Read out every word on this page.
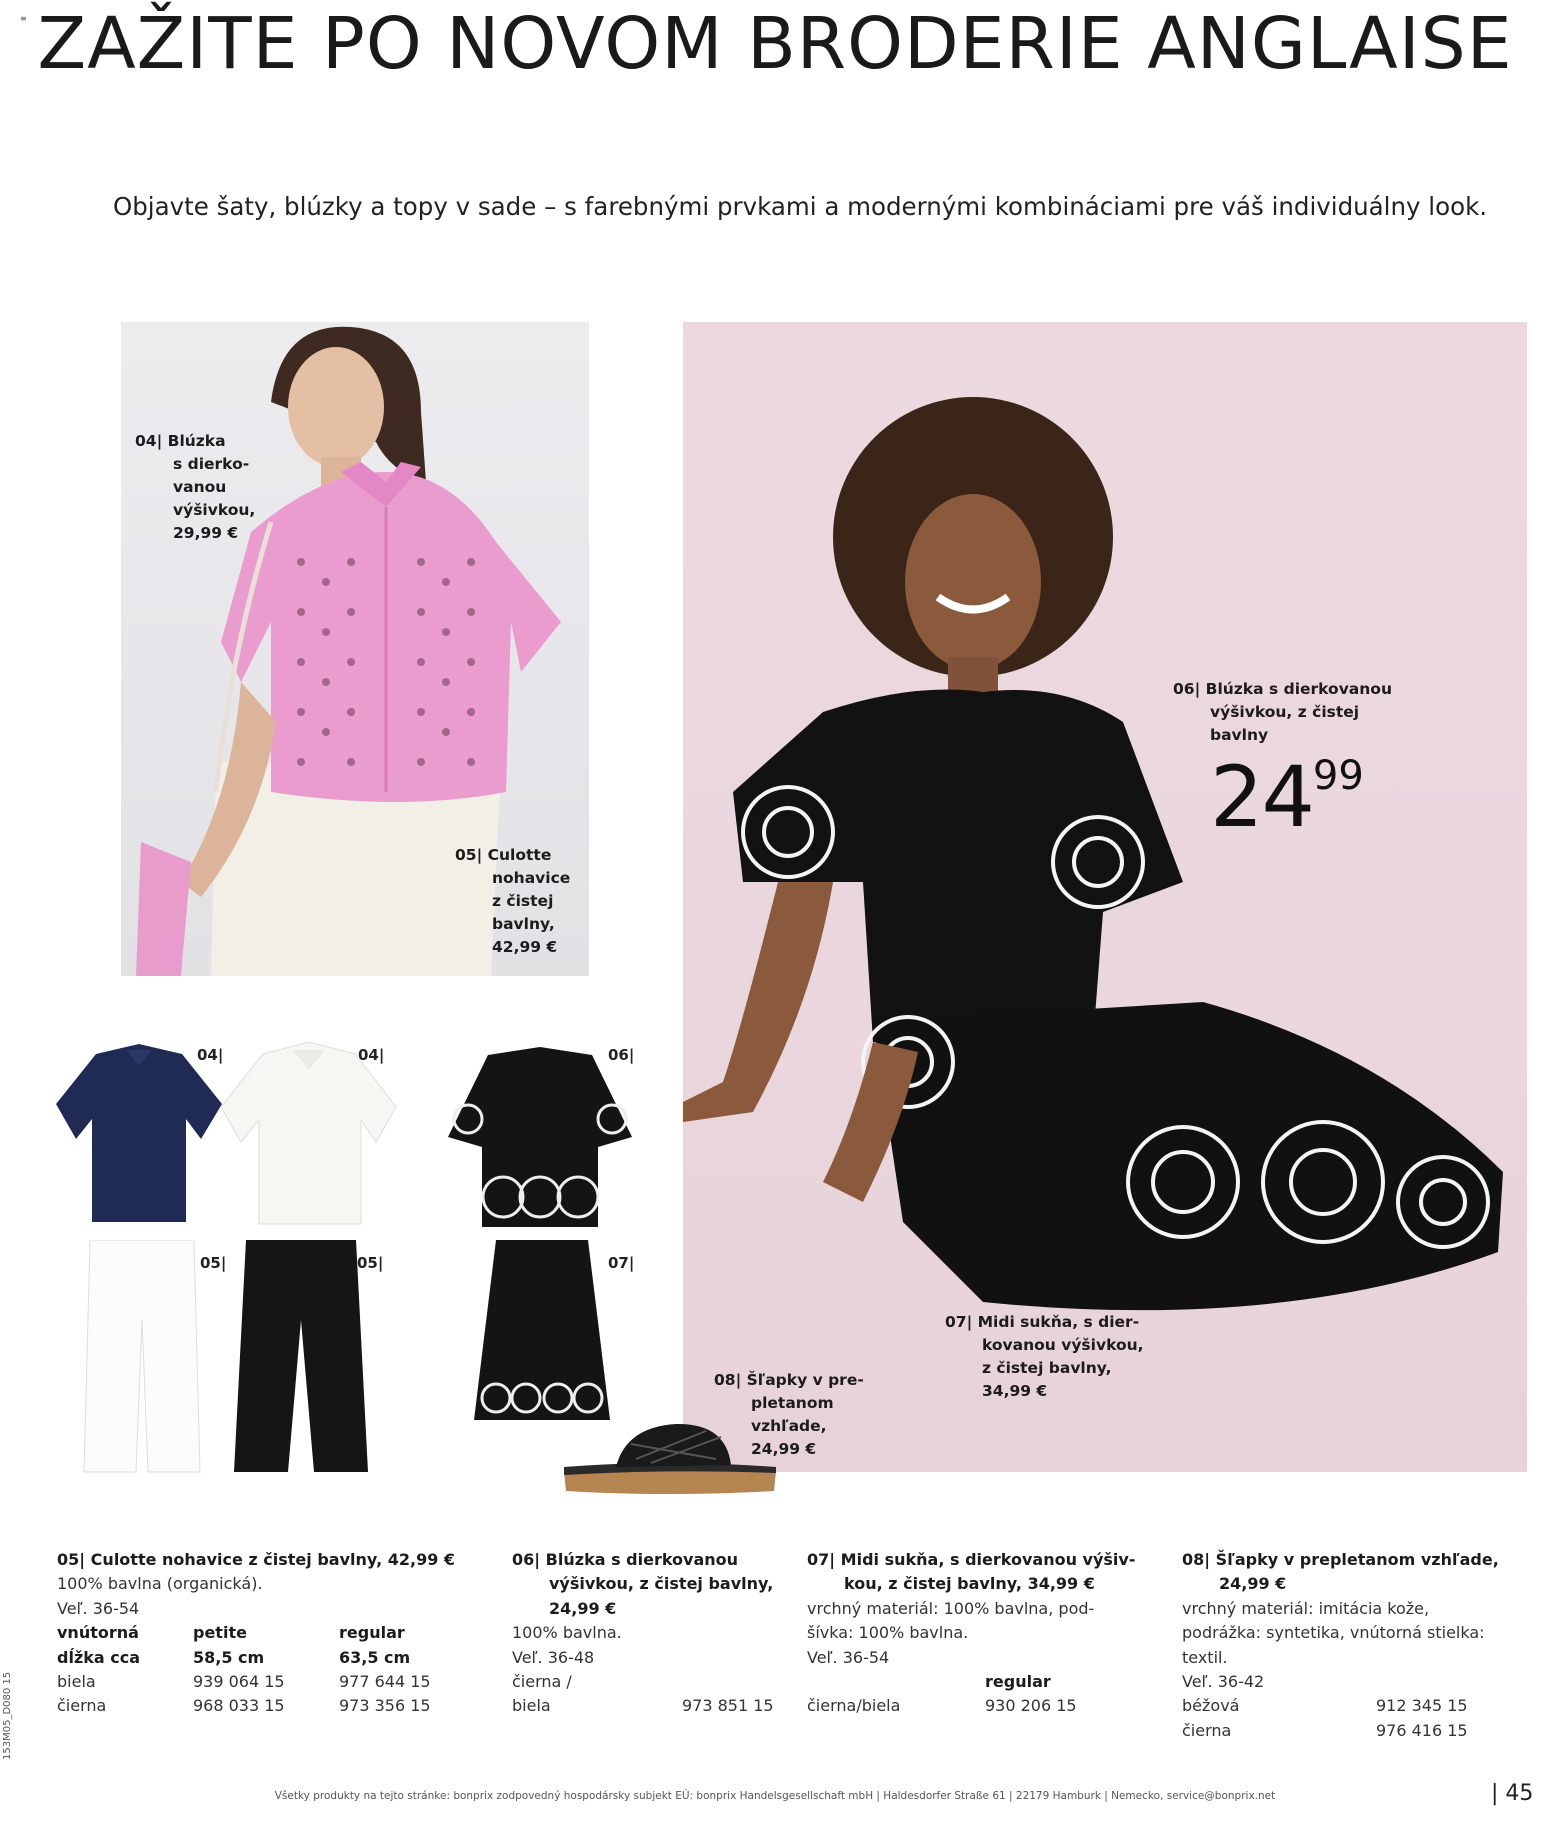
≡ ZAŽITE PO NOVOM BRODERIE ANGLAISE

Objavte šaty, blúzky a topy v sade – s farebnými prvkami a modernými kombináciami pre váš individuálny look.

04| Blúzka
s dierko-
vanou
výšivkou,
29,99 €
05| Culotte
nohavice
z čistej
bavlny,
42,99 €
06| Blúzka s dierkovanou
výšivkou, z čistej
bavlny
07| Midi sukňa, s dier-
kovanou výšivkou,
z čistej bavlny,
34,99 €
$24^{99}$
08| Šľapky v pre-
pletanom
vzhľade,
24,99 €
04|	04|	06|
05|	05|	07|
05| Culotte nohavice z čistej bavlny, 42,99 €
100% bavlna (organická).
Veľ. 36-54
vnútorná	petite	regular
dĺžka cca	58,5 cm	63,5 cm
biela	939 064 15	977 644 15
čierna	968 033 15	973 356 15
06| Blúzka s dierkovanou
výšivkou, z čistej bavlny,
24,99 €
100% bavlna.
Veľ. 36-48
čierna /
biela	973 851 15
07| Midi sukňa, s dierkovanou výšiv-
kou, z čistej bavlny, 34,99 €
vrchný materiál: 100% bavlna, pod-
šívka: 100% bavlna.
Veľ. 36-54
regular
čierna/biela	930 206 15
08| Šľapky v prepletanom vzhľade,
24,99 €
vrchný materiál: imitácia kože,
podrážka: syntetika, vnútorná stielka:
textil.
Veľ. 36-42
béžová	912 345 15
čierna	976 416 15
Všetky produkty na tejto stránke: bonprix zodpovedný hospodársky subjekt EÚ: bonprix Handelsgesellschaft mbH | Haldesdorfer Straße 61 | 22179 Hamburk | Nemecko, service@bonprix.net	| 45
153M05_D080 15
